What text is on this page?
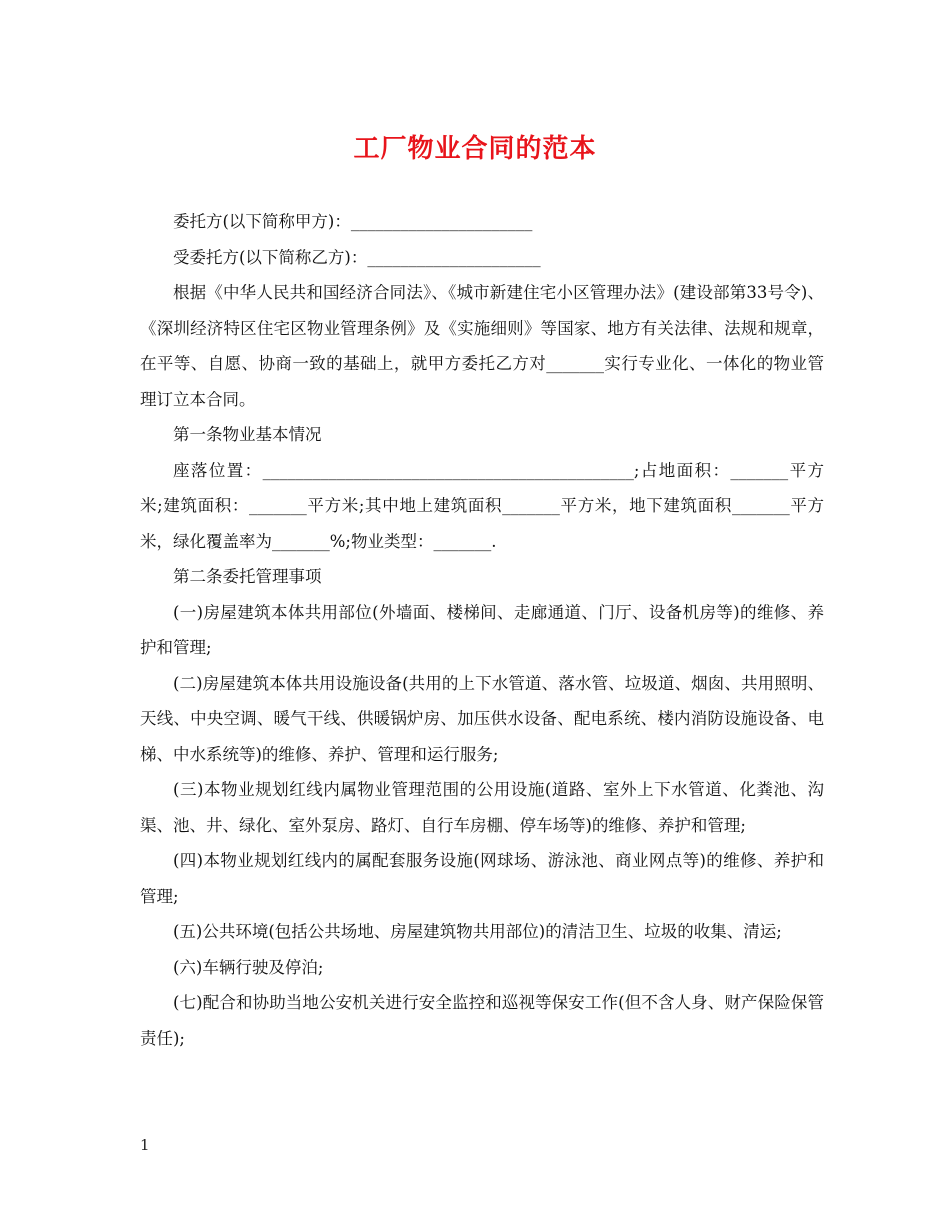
工厂物业合同的范本

委托方(以下简称甲方)：______________________

受委托方(以下简称乙方)：_____________________

根据《中华人民共和国经济合同法》、《城市新建住宅小区管理办法》(建设部第33号令)、《深圳经济特区住宅区物业管理条例》及《实施细则》等国家、地方有关法律、法规和规章，在平等、自愿、协商一致的基础上，就甲方委托乙方对_______实行专业化、一体化的物业管理订立本合同。

第一条物业基本情况

座落位置：_____________________________________________;占地面积：_______平方米;建筑面积：_______平方米;其中地上建筑面积_______平方米，地下建筑面积_______平方米，绿化覆盖率为_______%;物业类型：_______.

第二条委托管理事项

(一)房屋建筑本体共用部位(外墙面、楼梯间、走廊通道、门厅、设备机房等)的维修、养护和管理;

(二)房屋建筑本体共用设施设备(共用的上下水管道、落水管、垃圾道、烟囱、共用照明、天线、中央空调、暖气干线、供暖锅炉房、加压供水设备、配电系统、楼内消防设施设备、电梯、中水系统等)的维修、养护、管理和运行服务;

(三)本物业规划红线内属物业管理范围的公用设施(道路、室外上下水管道、化粪池、沟渠、池、井、绿化、室外泵房、路灯、自行车房棚、停车场等)的维修、养护和管理;

(四)本物业规划红线内的属配套服务设施(网球场、游泳池、商业网点等)的维修、养护和管理;

(五)公共环境(包括公共场地、房屋建筑物共用部位)的清洁卫生、垃圾的收集、清运;

(六)车辆行驶及停泊;

(七)配合和协助当地公安机关进行安全监控和巡视等保安工作(但不含人身、财产保险保管责任);

1
